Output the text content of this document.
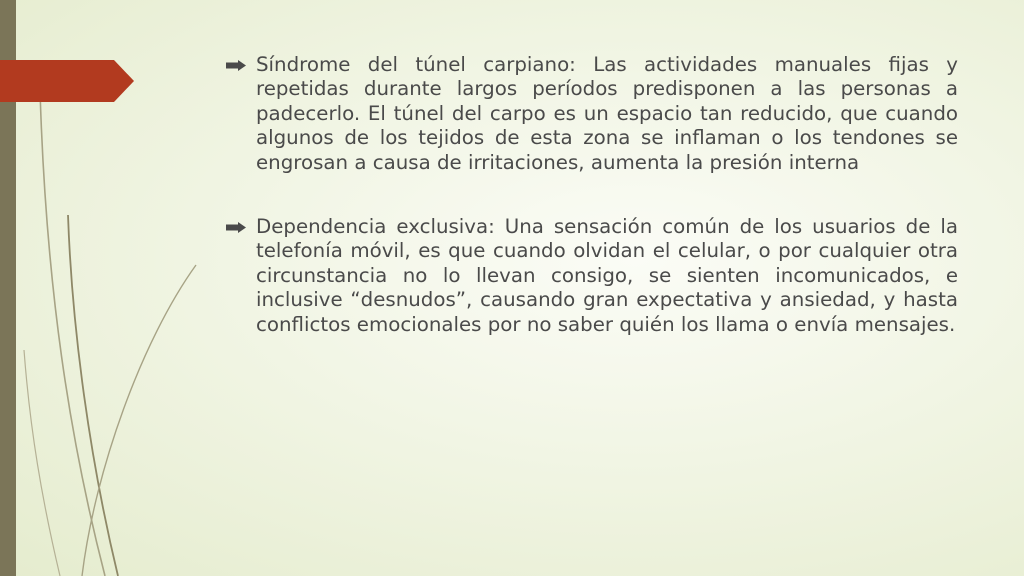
Síndrome del túnel carpiano: Las actividades manuales fijas y repetidas durante largos períodos predisponen a las personas a padecerlo. El túnel del carpo es un espacio tan reducido, que cuando algunos de los tejidos de esta zona se inflaman o los tendones se engrosan a causa de irritaciones, aumenta la presión interna
Dependencia exclusiva: Una sensación común de los usuarios de la telefonía móvil, es que cuando olvidan el celular, o por cualquier otra circunstancia no lo llevan consigo, se sienten incomunicados, e inclusive “desnudos”, causando gran expectativa y ansiedad, y hasta conflictos emocionales por no saber quién los llama o envía mensajes.
